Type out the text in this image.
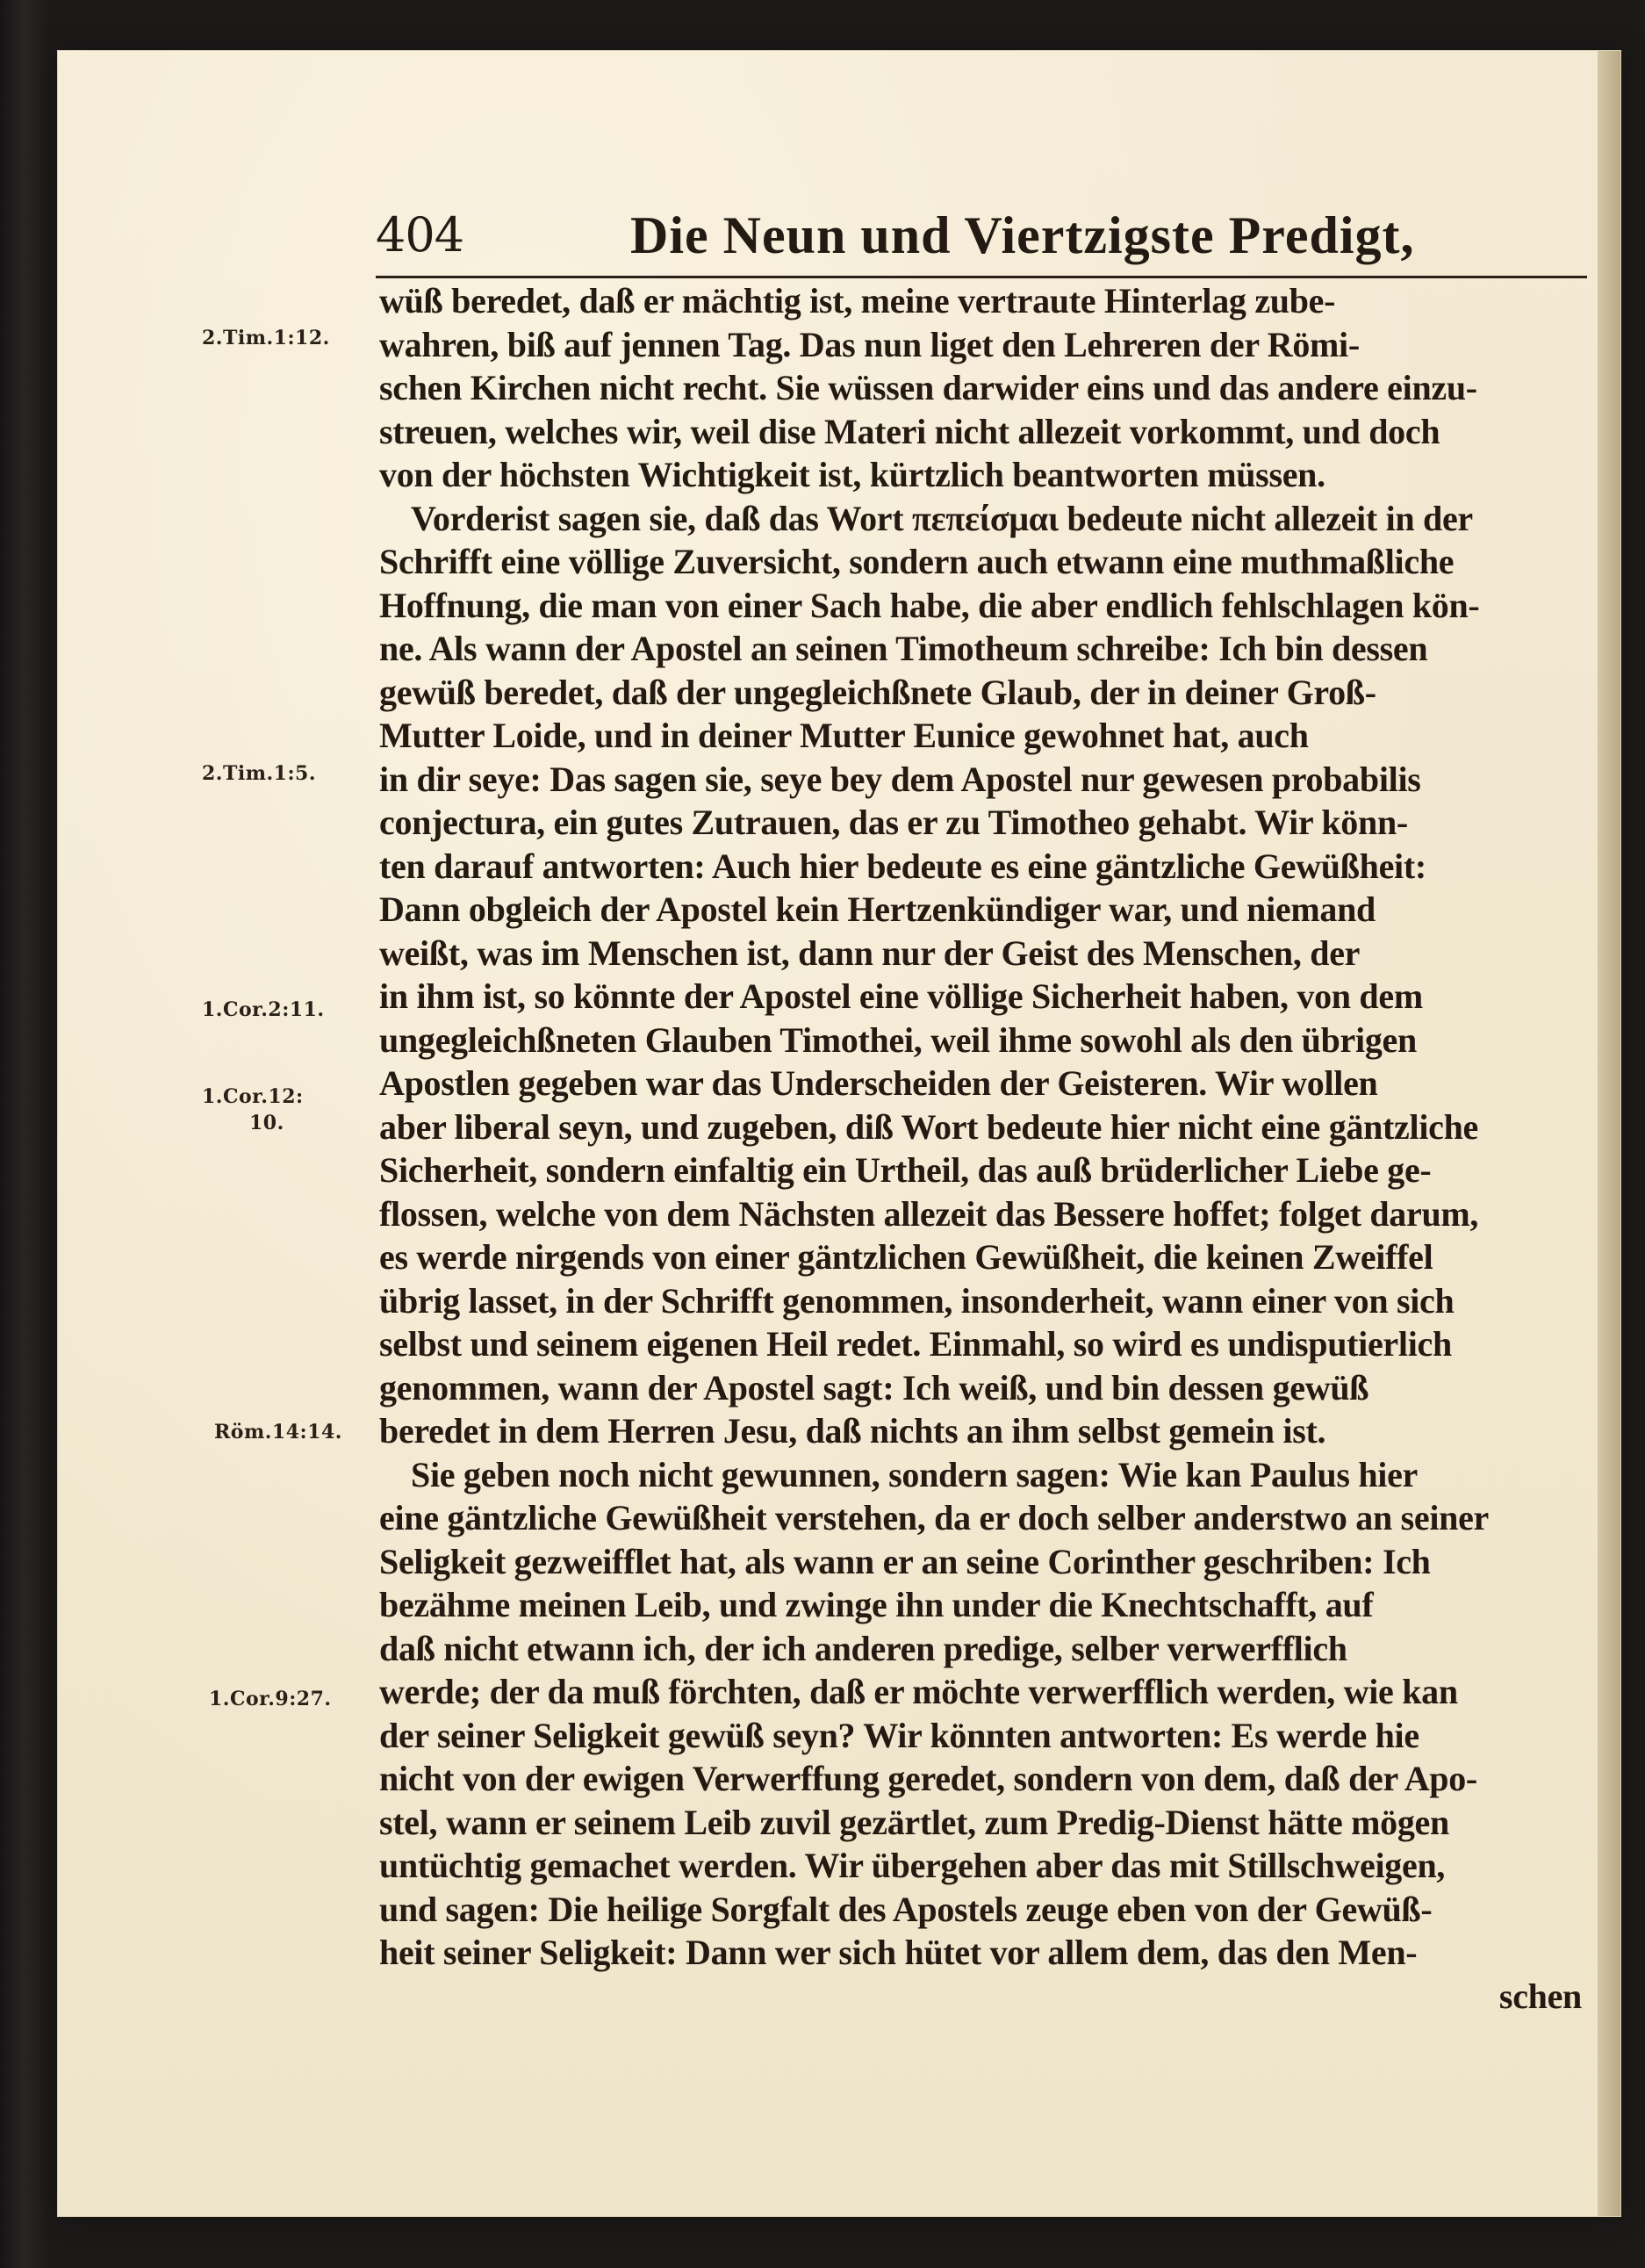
404	Die Neun und Viertzigste Predigt,
2.Tim.1:12.
2.Tim.1:5.
1.Cor.2:11.
1.Cor.12:
10.
Röm.14:14.
1.Cor.9:27.
wüß beredet, daß er mächtig ist, meine vertraute Hinterlag zube-
wahren, biß auf jennen Tag. Das nun liget den Lehreren der Römi-
schen Kirchen nicht recht. Sie wüssen darwider eins und das andere einzu-
streuen, welches wir, weil dise Materi nicht allezeit vorkommt, und doch
von der höchsten Wichtigkeit ist, kürtzlich beantworten müssen.
Vorderist sagen sie, daß das Wort πεπείσμαι bedeute nicht allezeit in der
Schrifft eine völlige Zuversicht, sondern auch etwann eine muthmaßliche
Hoffnung, die man von einer Sach habe, die aber endlich fehlschlagen kön-
ne. Als wann der Apostel an seinen Timotheum schreibe: Ich bin dessen
gewüß beredet, daß der ungegleichßnete Glaub, der in deiner Groß-
Mutter Loide, und in deiner Mutter Eunice gewohnet hat, auch
in dir seye: Das sagen sie, seye bey dem Apostel nur gewesen probabilis
conjectura, ein gutes Zutrauen, das er zu Timotheo gehabt. Wir könn-
ten darauf antworten: Auch hier bedeute es eine gäntzliche Gewüßheit:
Dann obgleich der Apostel kein Hertzenkündiger war, und niemand
weißt, was im Menschen ist, dann nur der Geist des Menschen, der
in ihm ist, so könnte der Apostel eine völlige Sicherheit haben, von dem
ungegleichßneten Glauben Timothei, weil ihme sowohl als den übrigen
Apostlen gegeben war das Underscheiden der Geisteren. Wir wollen
aber liberal seyn, und zugeben, diß Wort bedeute hier nicht eine gäntzliche
Sicherheit, sondern einfaltig ein Urtheil, das auß brüderlicher Liebe ge-
flossen, welche von dem Nächsten allezeit das Bessere hoffet; folget darum,
es werde nirgends von einer gäntzlichen Gewüßheit, die keinen Zweiffel
übrig lasset, in der Schrifft genommen, insonderheit, wann einer von sich
selbst und seinem eigenen Heil redet. Einmahl, so wird es undisputierlich
genommen, wann der Apostel sagt: Ich weiß, und bin dessen gewüß
beredet in dem Herren Jesu, daß nichts an ihm selbst gemein ist.
Sie geben noch nicht gewunnen, sondern sagen: Wie kan Paulus hier
eine gäntzliche Gewüßheit verstehen, da er doch selber anderstwo an seiner
Seligkeit gezweifflet hat, als wann er an seine Corinther geschriben: Ich
bezähme meinen Leib, und zwinge ihn under die Knechtschafft, auf
daß nicht etwann ich, der ich anderen predige, selber verwerfflich
werde; der da muß förchten, daß er möchte verwerfflich werden, wie kan
der seiner Seligkeit gewüß seyn? Wir könnten antworten: Es werde hie
nicht von der ewigen Verwerffung geredet, sondern von dem, daß der Apo-
stel, wann er seinem Leib zuvil gezärtlet, zum Predig-Dienst hätte mögen
untüchtig gemachet werden. Wir übergehen aber das mit Stillschweigen,
und sagen: Die heilige Sorgfalt des Apostels zeuge eben von der Gewüß-
heit seiner Seligkeit: Dann wer sich hütet vor allem dem, das den Men-
schen
